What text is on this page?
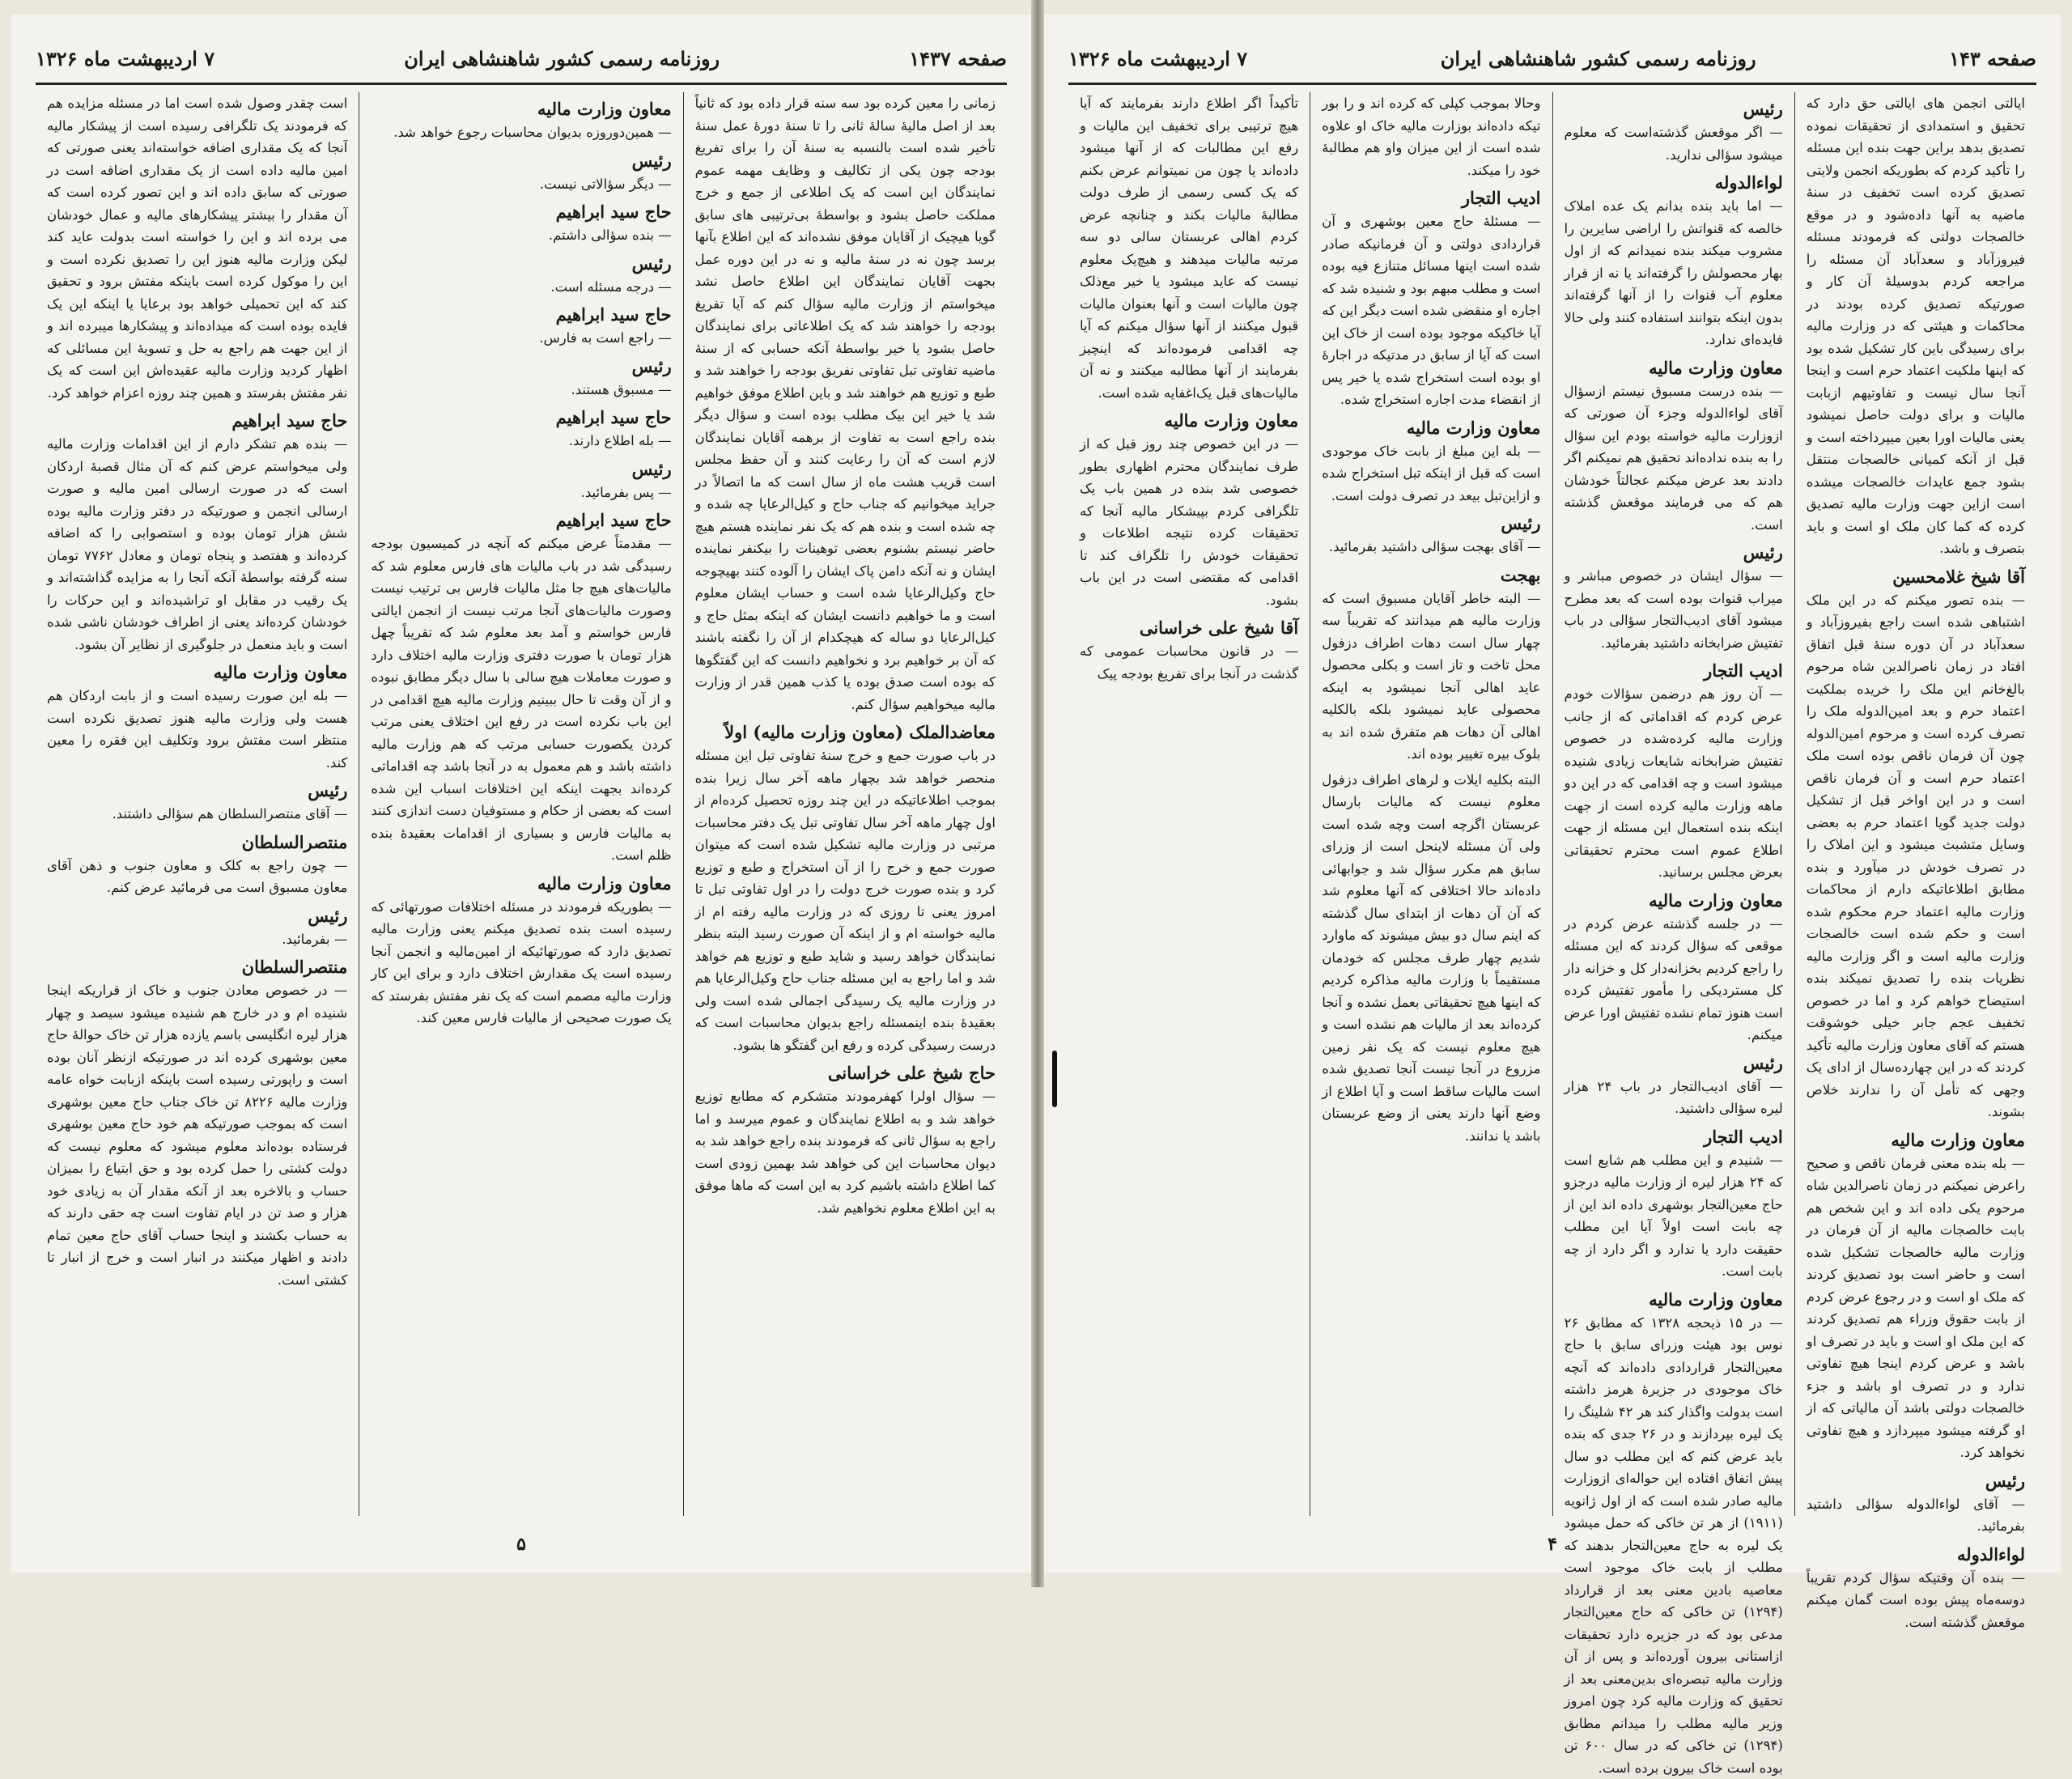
صفحه ۱۴۳۷
روزنامه رسمی کشور شاهنشاهی ایران
۷ اردیبهشت ماه ۱۳۲۶

زمانی را معین کرده بود سه سنه قرار داده بود که ثانیاً بعد از اصل مالیهٔ سالهٔ ثانی را تا سنهٔ دورهٔ عمل سنهٔ تأخیر شده است بالنسبه به سنهٔ آن را برای تفریغ بودجه چون یکی از تکالیف و وظایف مهمه عموم نمایندگان این است که یک اطلاعی از جمع و خرج مملکت حاصل بشود و بواسطهٔ بی‌ترتیبی های سابق گویا هیچیک از آقایان موفق نشده‌اند که این اطلاع بآنها برسد چون نه در سنهٔ مالیه و نه در این دوره عمل بجهت آقایان نمایندگان این اطلاع حاصل نشد میخواستم از وزارت مالیه سؤال کنم که آیا تفریغ بودجه را خواهند شد که یک اطلاعاتی برای نمایندگان حاصل بشود یا خیر بواسطهٔ آنکه حسابی که از سنهٔ ماضیه تفاوتی تبل تفاوتی نفریق بودجه را خواهند شد و طبع و توزیع هم خواهند شد و باین اطلاع موفق خواهیم شد یا خیر این بیک مطلب بوده است و سؤال دیگر بنده راجع است به تفاوت از برهمه آقایان نمایندگان لازم است که آن را رعایت کنند و آن حفظ مجلس است قریب هشت ماه از سال است که ما اتصالاً در جراید میخوانیم که جناب حاج و کیل‌الرعایا چه شده و چه شده است و بنده هم که یک نفر نماینده هستم هیچ حاضر نیستم بشنوم بعضی توهینات را بیکنفر نماینده ایشان و نه آنکه دامن پاک ایشان را آلوده کنند بهیچوجه حاج وکیل‌الرعایا شده است و حساب ایشان معلوم است و ما خواهیم دانست ایشان که اینکه بمثل حاج و کیل‌الرعایا دو ساله که هیچکدام از آن را نگفته باشند که آن بر خواهیم برد و نخواهیم دانست که این گفتگوها که بوده است صدق بوده یا کذب همین قدر از وزارت مالیه میخواهیم سؤال کنم.

معاضدالملک (معاون وزارت مالیه) اولاً

در باب صورت جمع و خرج سنهٔ تفاوتی تبل این مسئله منحصر خواهد شد بچهار ماهه آخر سال زیرا بنده بموجب اطلاعاتیکه در این چند روزه تحصیل کرده‌ام از اول چهار ماهه آخر سال تفاوتی تبل یک دفتر محاسبات مرتبی در وزارت مالیه تشکیل شده است که میتوان صورت جمع و خرج را از آن استخراج و طبع و توزیع کرد و بنده صورت خرج دولت را در اول تفاوتی تبل تا امروز یعنی تا روزی که در وزارت مالیه رفته ام از مالیه خواسته ام و از اینکه آن صورت رسید البته بنظر نمایندگان خواهد رسید و شاید طبع و توزیع هم خواهد شد و اما راجع به این مسئله جناب حاج وکیل‌الرعایا هم در وزارت مالیه یک رسیدگی اجمالی شده است ولی بعقیدهٔ بنده اینمسئله راجع بدیوان محاسبات است که درست رسیدگی کرده و رفع این گفتگو ها بشود.

حاج شیخ علی خراسانی

— سؤال اولرا کهفرمودند متشکرم که مطابع توزیع خواهد شد و به اطلاع نمایندگان و عموم میرسد و اما راجع به سؤال ثانی که فرمودند بنده راجع خواهد شد به دیوان محاسبات این کی خواهد شد بهمین زودی است کما اطلاع داشته باشیم کرد به این است که ماها موفق به این اطلاع معلوم نخواهیم شد.

معاون وزارت مالیه

— همین‌دوروزه بدیوان محاسبات رجوع خواهد شد.

رئیس

— دیگر سؤالاتی نیست.

حاج سید ابراهیم

— بنده سؤالی داشتم.

رئیس

— درجه مسئله است.

حاج سید ابراهیم

— راجع است به فارس.

رئیس

— مسبوق هستند.

حاج سید ابراهیم

— بله اطلاع دارند.

رئیس

— پس بفرمائید.

حاج سید ابراهیم

— مقدمتاً عرض میکنم که آنچه در کمیسیون بودجه رسیدگی شد در باب مالیات های فارس معلوم شد که مالیات‌های هیچ جا مثل مالیات فارس بی ترتیب نیست وصورت مالیات‌های آنجا مرتب نیست از انجمن ایالتی فارس خواستم و آمد بعد معلوم شد که تقریباً چهل هزار تومان با صورت دفتری وزارت مالیه اختلاف دارد و صورت معاملات هیچ سالی با سال دیگر مطابق نبوده و از آن وقت تا حال ببینیم وزارت مالیه هیچ اقدامی در این باب نکرده است در رفع این اختلاف یعنی مرتب کردن یکصورت حسابی مرتب که هم وزارت مالیه داشته باشد و هم معمول به در آنجا باشد چه اقداماتی کرده‌اند بجهت اینکه این اختلافات اسباب این شده است که بعضی از حکام و مستوفیان دست اندازی کنند به مالیات فارس و بسیاری از اقدامات بعقیدهٔ بنده ظلم است.

معاون وزارت مالیه

— بطوریکه فرمودند در مسئله اختلافات صورتهائی که رسیده است بنده تصدیق میکنم یعنی وزارت مالیه تصدیق دارد که صورتهائیکه از امین‌مالیه و انجمن آنجا رسیده است یک مقدارش اختلاف دارد و برای این کار وزارت مالیه مصمم است که یک نفر مفتش بفرستد که یک صورت صحیحی از مالیات فارس معین کند.

است چقدر وصول شده است اما در مسئله مزایده هم که فرمودند یک تلگرافی رسیده است از پیشکار مالیه آنجا که یک مقداری اضافه خواسته‌اند یعنی صورتی که امین مالیه داده است از یک مقداری اضافه است در صورتی که سابق داده اند و این تصور کرده است که آن مقدار را بیشتر پیشکارهای مالیه و عمال خودشان می برده اند و این را خواسته است بدولت عاید کند لیکن وزارت مالیه هنوز این را تصدیق نکرده است و این را موکول کرده است باینکه مفتش برود و تحقیق کند که این تحمیلی خواهد بود برعایا یا اینکه این یک فایده بوده است که میداده‌اند و پیشکارها میبرده اند و از این جهت هم راجع به حل و تسویهٔ این مسائلی که اظهار کردید وزارت مالیه عقیده‌اش این است که یک نفر مفتش بفرستد و همین چند روزه اعزام خواهد کرد.

حاج سید ابراهیم

— بنده هم تشکر دارم از این اقدامات وزارت مالیه ولی میخواستم عرض کنم که آن مثال قصبهٔ اردکان است که در صورت ارسالی امین مالیه و صورت ارسالی انجمن و صورتیکه در دفتر وزارت مالیه بوده شش هزار تومان بوده و استصوابی را که اضافه کرده‌اند و هفتصد و پنجاه تومان و معادل ۷۷۶۲ تومان سنه گرفته بواسطهٔ آنکه آنجا را به مزایده گذاشته‌اند و یک رقیب در مقابل او تراشیده‌اند و این حرکات را خودشان کرده‌اند یعنی از اطراف خودشان ناشی شده است و باید منعمل در جلوگیری از نظایر آن بشود.

معاون وزارت مالیه

— بله این صورت رسیده است و از بابت اردکان هم هست ولی وزارت مالیه هنوز تصدیق نکرده است منتظر است مفتش برود وتکلیف این فقره را معین کند.

رئیس

— آقای منتصرالسلطان هم سؤالی داشتند.

منتصرالسلطان

— چون راجع به کلک و معاون جنوب و ذهن آقای معاون مسبوق است می فرمائید عرض کنم.

رئیس

— بفرمائید.

منتصرالسلطان

— در خصوص معادن جنوب و خاک از قراریکه اینجا شنیده ام و در خارج هم شنیده میشود سیصد و چهار هزار لیره انگلیسی باسم یازده هزار تن خاک حوالهٔ حاج معین بوشهری کرده اند در صورتیکه ازنظر آنان بوده است و راپورتی رسیده است باینکه ازبابت خواه عامه وزارت مالیه ۸۲۲۶ تن خاک جناب حاج معین بوشهری است که بموجب صورتیکه هم خود حاج معین بوشهری فرستاده بوده‌اند معلوم میشود که معلوم نیست که دولت کشتی را حمل کرده بود و حق ابتیاع را بمیزان حساب و بالاخره بعد از آنکه مقدار آن به زیادی خود هزار و صد تن در ایام تفاوت است چه حقی دارند که به حساب بکشند و اینجا حساب آقای حاج معین تمام دادند و اظهار میکنند در انبار است و خرج از انبار تا کشتی است.

۵
صفحه ۱۴۳
روزنامه رسمی کشور شاهنشاهی ایران
۷ اردیبهشت ماه ۱۳۲۶

ایالتی انجمن های ایالتی حق دارد که تحقیق و استمدادی از تحقیقات نموده تصدیق بدهد براین جهت بنده این مسئله را تأکید کردم که بطوریکه انجمن ولایتی تصدیق کرده است تخفیف در سنهٔ ماضیه به آنها داده‌شود و در موقع خالصجات دولتی که فرمودند مسئله فیروزآباد و سعدآباد آن مسئله را مراجعه کردم بدوسیلهٔ آن کار و صورتیکه تصدیق کرده بودند در محاکمات و هیئتی که در وزارت مالیه برای رسیدگی باین کار تشکیل شده بود که اینها ملکیت اعتماد حرم است و اینجا آنجا سال نیست و تفاوتیهم ازبابت مالیات و برای دولت حاصل نمیشود یعنی مالیات اورا بعین میپرداخته است و قبل از آنکه کمیانی خالصجات منتقل بشود جمع عایدات خالصجات میشده است ازاین جهت وزارت مالیه تصدیق کرده که کما کان ملک او است و باید بتصرف و باشد.

آقا شیخ غلامحسین

— بنده تصور میکنم که در این ملک اشتباهی شده است راجع بفیروزآباد و سعدآباد در آن دوره سنهٔ قبل اتفاق افتاد در زمان ناصرالدین شاه مرحوم بالغ‌خانم این ملک را خریده بملکیت اعتماد حرم و بعد امین‌الدوله ملک را تصرف کرده است و مرحوم امین‌الدوله چون آن فرمان ناقص بوده است ملک اعتماد حرم است و آن فرمان ناقص است و در این اواخر قبل از تشکیل دولت جدید گویا اعتماد حرم به بعضی وسایل متشبث میشود و این املاک را در تصرف خودش در میآورد و بنده مطابق اطلاعاتیکه دارم از محاکمات وزارت مالیه اعتماد حرم محکوم شده است و حکم شده است خالصجات وزارت مالیه است و اگر وزارت مالیه نظریات بنده را تصدیق نمیکند بنده استیضاح خواهم کرد و اما در خصوص تخفیف عجم جابر خیلی خوشوقت هستم که آقای معاون وزارت مالیه تأکید کردند که در این چهارده‌سال از ادای یک وجهی که تأمل آن را ندارند خلاص بشوند.

معاون وزارت مالیه

— بله بنده معنی فرمان ناقص و صحیح راعرض نمیکنم در زمان ناصرالدین شاه مرحوم یکی داده اند و این شخص هم بابت خالصجات مالیه از آن فرمان در وزارت مالیه خالصجات تشکیل شده است و حاضر است بود تصدیق کردند که ملک او است و در رجوع عرض کردم از بابت حقوق وزراء هم تصدیق کردند که این ملک او است و باید در تصرف او باشد و عرض کردم اینجا هیچ تفاوتی ندارد و در تصرف او باشد و جزء خالصجات دولتی باشد آن مالیاتی که از او گرفته میشود میپردازد و هیچ تفاوتی نخواهد کرد.

رئیس

— آقای لواء‌الدوله سؤالی داشتید بفرمائید.

لواء‌الدوله

— بنده آن وقتیکه سؤال کردم تقریباً دوسه‌ماه پیش بوده است گمان میکنم موقعش گذشته است.

رئیس

— اگر موقعش گذشته‌است که معلوم میشود سؤالی ندارید.

لواء‌الدوله

— اما باید بنده بدانم یک عده املاک خالصه که قنواتش را اراضی سایرین را مشروب میکند بنده نمیدانم که از اول بهار محصولش را گرفته‌اند یا نه از قرار معلوم آب قنوات را از آنها گرفته‌اند بدون اینکه بتوانند استفاده کنند ولی حالا فایده‌ای ندارد.

معاون وزارت مالیه

— بنده درست مسبوق نیستم ازسؤال آقای لواء‌الدوله وجزء آن صورتی که ازوزارت مالیه خواسته بودم این سؤال را به بنده نداده‌اند تحقیق هم نمیکنم اگر دادند بعد عرض میکنم عجالتاً خودشان هم که می فرمایند موقعش گذشته است.

رئیس

— سؤال ایشان در خصوص مباشر و میراب قنوات بوده است که بعد مطرح میشود آقای ادیب‌التجار سؤالی در باب تفتیش ضرابخانه داشتید بفرمائید.

ادیب التجار

— آن روز هم درضمن سؤالات خودم عرض کردم که اقداماتی که از جانب وزارت مالیه کرده‌شده در خصوص تفتیش ضرابخانه شایعات زیادی شنیده میشود است و چه اقدامی که در این دو ماهه وزارت مالیه کرده است از جهت اینکه بنده استعمال این مسئله از جهت اطلاع عموم است محترم تحقیقاتی بعرض مجلس برسانید.

معاون وزارت مالیه

— در جلسه گذشته عرض کردم در موقعی که سؤال کردند که این مسئله را راجع کردیم بخزانه‌دار کل و خزانه دار کل مستردیکی را مأمور تفتیش کرده است هنوز تمام نشده تفتیش اورا عرض میکنم.

رئیس

— آقای ادیب‌التجار در باب ۲۴ هزار لیره سؤالی داشتید.

ادیب التجار

— شنیدم و این مطلب هم شایع است که ۲۴ هزار لیره از وزارت مالیه درجزو حاج معین‌التجار بوشهری داده اند این از چه بابت است اولاً آیا این مطلب حقیقت دارد یا ندارد و اگر دارد از چه بابت است.

معاون وزارت مالیه

— در ۱۵ ذیحجه ۱۳۲۸ که مطابق ۲۶ نوس بود هیئت وزرای سابق با حاج معین‌التجار قراردادی داده‌اند که آنچه خاک موجودی در جزیرهٔ هرمز داشته است بدولت واگذار کند هر ۴۲ شلینگ را یک لیره بپردازند و در ۲۶ جدی که بنده باید عرض کنم که این مطلب دو سال پیش اتفاق افتاده این حواله‌ای ازوزارت مالیه صادر شده است که از اول ژانویه (۱۹۱۱) از هر تن خاکی که حمل میشود یک لیره به حاج معین‌التجار بدهند که مطلب از بابت خاک موجود است معاصیه بادین معنی بعد از قرارداد (۱۲۹۴) تن خاکی که حاج معین‌التجار مدعی بود که در جزیره دارد تحقیقات ازاستانی بیرون آورده‌اند و پس از آن وزارت مالیه تبصره‌ای بدین‌معنی بعد از تحقیق که وزارت مالیه کرد چون امروز وزیر مالیه مطلب را میدانم مطابق (۱۲۹۴) تن خاکی که در سال ۶۰۰ تن بوده است خاک بیرون برده است.

وحالا بموجب کپلی که کرده اند و را بور تیکه داده‌اند بوزارت مالیه خاک او علاوه شده است از این میزان واو هم مطالبهٔ خود را میکند.

ادیب التجار

— مسئلهٔ حاج معین بوشهری و آن قراردادی دولتی و آن فرمانیکه صادر شده است اینها مسائل متنازع فیه بوده است و مطلب مبهم بود و شنیده شد که اجاره او منقضی شده است دیگر این که آیا خاکیکه موجود بوده است از خاک این است که آیا از سابق در مدتیکه در اجارهٔ او بوده است استخراج شده یا خیر پس از انقضاء مدت اجاره استخراج شده.

معاون وزارت مالیه

— بله این مبلغ از بابت خاک موجودی است که قبل از اینکه تبل استخراج شده و ازاین‌تبل بیعد در تصرف دولت است.

رئیس

— آقای بهجت سؤالی داشتید بفرمائید.

بهجت

— البته خاطر آقایان مسبوق است که وزارت مالیه هم میدانند که تقریباً سه چهار سال است دهات اطراف دزفول محل تاخت و تاز است و بکلی محصول عاید اهالی آنجا نمیشود به اینکه محصولی عاید نمیشود بلکه بالکلیه اهالی آن دهات هم متفرق شده اند به بلوک بیره تغییر بوده اند.

البته بکلیه ایلات و لرهای اطراف دزفول معلوم نیست که مالیات بارسال عربستان اگرچه است وچه شده است ولی آن مسئله لاینحل است از وزرای سابق هم مکرر سؤال شد و جوابهائی داده‌اند حالا اختلافی که آنها معلوم شد که آن آن دهات از ابتدای سال گذشته که اینم سال دو بیش میشوند که ماوارد شدیم چهار طرف مجلس که خودمان مستقیماً با وزارت مالیه مذاکره کردیم که اینها هیچ تحقیقاتی بعمل نشده و آنجا کرده‌اند بعد از مالیات هم نشده است و هیچ معلوم نیست که یک نفر زمین مزروع در آنجا نیست آنجا تصدیق شده است مالیات ساقط است و آیا اطلاع از وضع آنها دارند یعنی از وضع عربستان باشد یا ندانند.

تأکیداً اگر اطلاع دارند بفرمایند که آیا هیچ ترتیبی برای تخفیف این مالیات و رفع این مطالبات که از آنها میشود داده‌اند یا چون من نمیتوانم عرض بکنم که یک کسی رسمی از طرف دولت مطالبهٔ مالیات بکند و چنانچه عرض کردم اهالی عربستان سالی دو سه مرتبه مالیات میدهند و هیچ‌یک معلوم نیست که عاید میشود یا خیر مع‌ذلک چون مالیات است و آنها بعنوان مالیات قبول میکنند از آنها سؤال میکنم که آیا چه اقدامی فرموده‌اند که اینچیز بفرمایند از آنها مطالبه میکنند و نه آن مالیات‌های قبل یک‌اغفایه شده است.

معاون وزارت مالیه

— در این خصوص چند روز قبل که از طرف نمایندگان محترم اظهاری بطور خصوصی شد بنده در همین باب یک تلگرافی کردم بپیشکار مالیه آنجا که تحقیقات کرده نتیجه اطلاعات و تحقیقات خودش را تلگراف کند تا اقدامی که مقتضی است در این باب بشود.

آقا شیخ علی خراسانی

— در قانون محاسبات عمومی که گذشت در آنجا برای تفریغ بودجه پیک‌

۴
